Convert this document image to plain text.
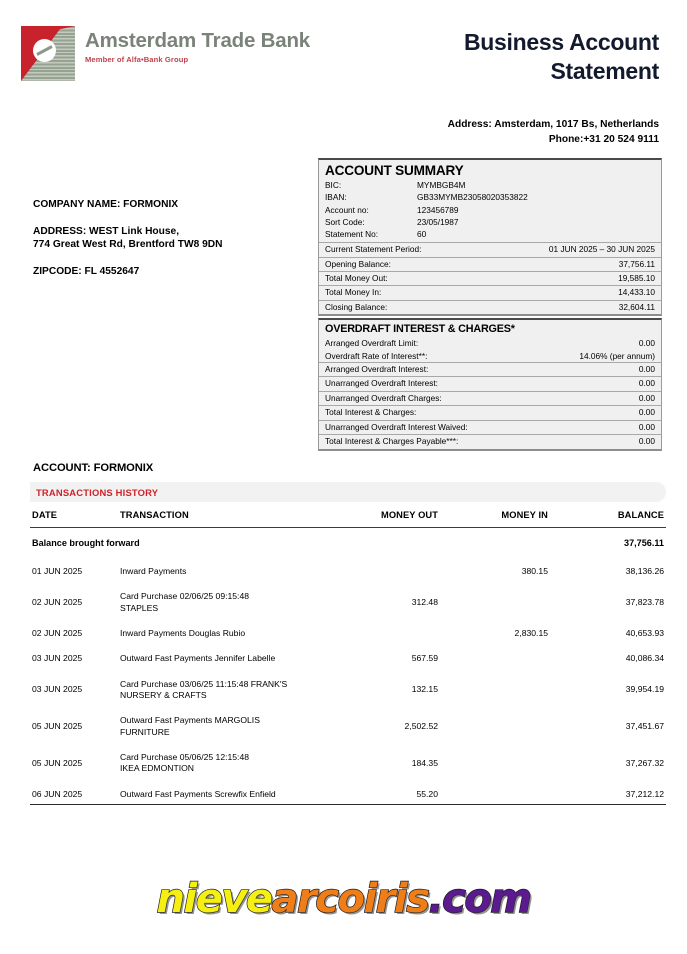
Amsterdam Trade Bank
Member of Alfa•Bank Group
Business Account
Statement
Address: Amsterdam, 1017 Bs, Netherlands
Phone:+31 20 524 9111
COMPANY NAME: FORMONIX
ADDRESS: WEST Link House,
774 Great West Rd, Brentford TW8 9DN
ZIPCODE: FL 4552647
ACCOUNT SUMMARY
BIC:	MYMBGB4M
IBAN:	GB33MYMB23058020353822
Account no:	123456789
Sort Code:	23/05/1987
Statement No:	60
Current Statement Period:	01 JUN 2025 – 30 JUN 2025
Opening Balance:	37,756.11
Total Money Out:	19,585.10
Total Money In:	14,433.10
Closing Balance:	32,604.11
OVERDRAFT INTEREST & CHARGES*
Arranged Overdraft Limit:	0.00
Overdraft Rate of Interest**:	14.06% (per annum)
Arranged Overdraft Interest:	0.00
Unarranged Overdraft Interest:	0.00
Unarranged Overdraft Charges:	0.00
Total Interest & Charges:	0.00
Unarranged Overdraft Interest Waived:	0.00
Total Interest & Charges Payable***:	0.00
ACCOUNT: FORMONIX
TRANSACTIONS HISTORY
DATE	TRANSACTION	MONEY OUT	MONEY IN	BALANCE
Balance brought forward				37,756.11
01 JUN 2025	Inward Payments		380.15	38,136.26
02 JUN 2025	Card Purchase 02/06/25 09:15:48
STAPLES	312.48		37,823.78
02 JUN 2025	Inward Payments Douglas Rubio		2,830.15	40,653.93
03 JUN 2025	Outward Fast Payments Jennifer Labelle	567.59		40,086.34
03 JUN 2025	Card Purchase 03/06/25 11:15:48 FRANK'S
NURSERY & CRAFTS	132.15		39,954.19
05 JUN 2025	Outward Fast Payments MARGOLIS
FURNITURE	2,502.52		37,451.67
05 JUN 2025	Card Purchase 05/06/25 12:15:48
IKEA EDMONTION	184.35		37,267.32
06 JUN 2025	Outward Fast Payments Screwfix Enfield	55.20		37,212.12
nievearcoiris.com
